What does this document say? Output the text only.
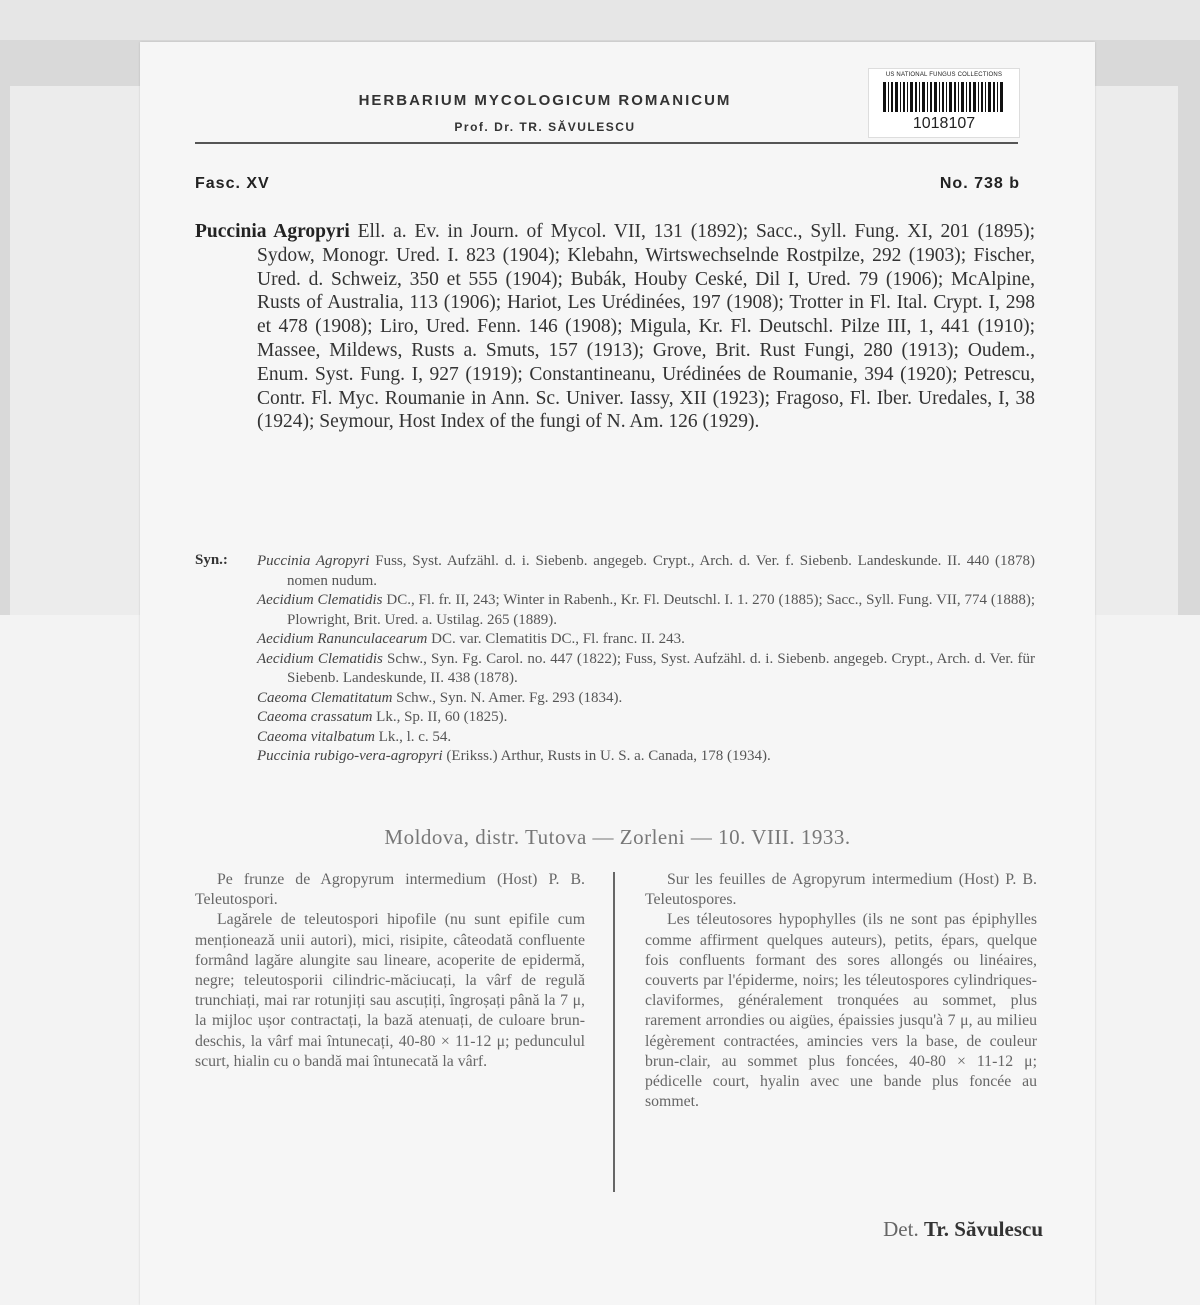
HERBARIUM MYCOLOGICUM ROMANICUM
Prof. Dr. TR. SĂVULESCU
US NATIONAL FUNGUS COLLECTIONS
1018107
Fasc. XV	No. 738 b
Puccinia Agropyri Ell. a. Ev. in Journ. of Mycol. VII, 131 (1892); Sacc., Syll. Fung. XI, 201 (1895); Sydow, Monogr. Ured. I. 823 (1904); Klebahn, Wirtswechselnde Rostpilze, 292 (1903); Fischer, Ured. d. Schweiz, 350 et 555 (1904); Bubák, Houby Ceské, Dil I, Ured. 79 (1906); McAlpine, Rusts of Australia, 113 (1906); Hariot, Les Urédinées, 197 (1908); Trotter in Fl. Ital. Crypt. I, 298 et 478 (1908); Liro, Ured. Fenn. 146 (1908); Migula, Kr. Fl. Deutschl. Pilze III, 1, 441 (1910); Massee, Mildews, Rusts a. Smuts, 157 (1913); Grove, Brit. Rust Fungi, 280 (1913); Oudem., Enum. Syst. Fung. I, 927 (1919); Constantineanu, Urédinées de Roumanie, 394 (1920); Petrescu, Contr. Fl. Myc. Roumanie in Ann. Sc. Univer. Iassy, XII (1923); Fragoso, Fl. Iber. Uredales, I, 38 (1924); Seymour, Host Index of the fungi of N. Am. 126 (1929).
Syn.: Puccinia Agropyri Fuss, Syst. Aufzähl. d. i. Siebenb. angegeb. Crypt., Arch. d. Ver. f. Siebenb. Landeskunde. II. 440 (1878) nomen nudum.

Aecidium Clematidis DC., Fl. fr. II, 243; Winter in Rabenh., Kr. Fl. Deutschl. I. 1. 270 (1885); Sacc., Syll. Fung. VII, 774 (1888); Plowright, Brit. Ured. a. Ustilag. 265 (1889).

Aecidium Ranunculacearum DC. var. Clematitis DC., Fl. franc. II. 243.

Aecidium Clematidis Schw., Syn. Fg. Carol. no. 447 (1822); Fuss, Syst. Aufzähl. d. i. Siebenb. angegeb. Crypt., Arch. d. Ver. für Siebenb. Landeskunde, II. 438 (1878).

Caeoma Clematitatum Schw., Syn. N. Amer. Fg. 293 (1834).

Caeoma crassatum Lk., Sp. II, 60 (1825).

Caeoma vitalbatum Lk., l. c. 54.

Puccinia rubigo-vera-agropyri (Erikss.) Arthur, Rusts in U. S. a. Canada, 178 (1934).

Moldova, distr. Tutova — Zorleni — 10. VIII. 1933.

Pe frunze de Agropyrum intermedium (Host) P. B. Teleutospori.

Lagărele de teleutospori hipofile (nu sunt epifile cum menționează unii autori), mici, risipite, câteodată confluente formând lagăre alungite sau lineare, acoperite de epidermă, negre; teleutosporii cilindric-măciucați, la vârf de regulă trunchiați, mai rar rotunjiți sau ascuțiți, îngroșați până la 7 μ, la mijloc ușor contractați, la bază atenuați, de culoare brun-deschis, la vârf mai întunecați, 40-80 × 11-12 μ; pedunculul scurt, hialin cu o bandă mai întunecată la vârf.

Sur les feuilles de Agropyrum intermedium (Host) P. B. Teleutospores.

Les téleutosores hypophylles (ils ne sont pas épiphylles comme affirment quelques auteurs), petits, épars, quelque fois confluents formant des sores allongés ou linéaires, couverts par l'épiderme, noirs; les téleutospores cylindriques-claviformes, généralement tronquées au sommet, plus rarement arrondies ou aigües, épaissies jusqu'à 7 μ, au milieu légèrement contractées, amincies vers la base, de couleur brun-clair, au sommet plus foncées, 40-80 × 11-12 μ; pédicelle court, hyalin avec une bande plus foncée au sommet.

Det. Tr. Săvulescu
